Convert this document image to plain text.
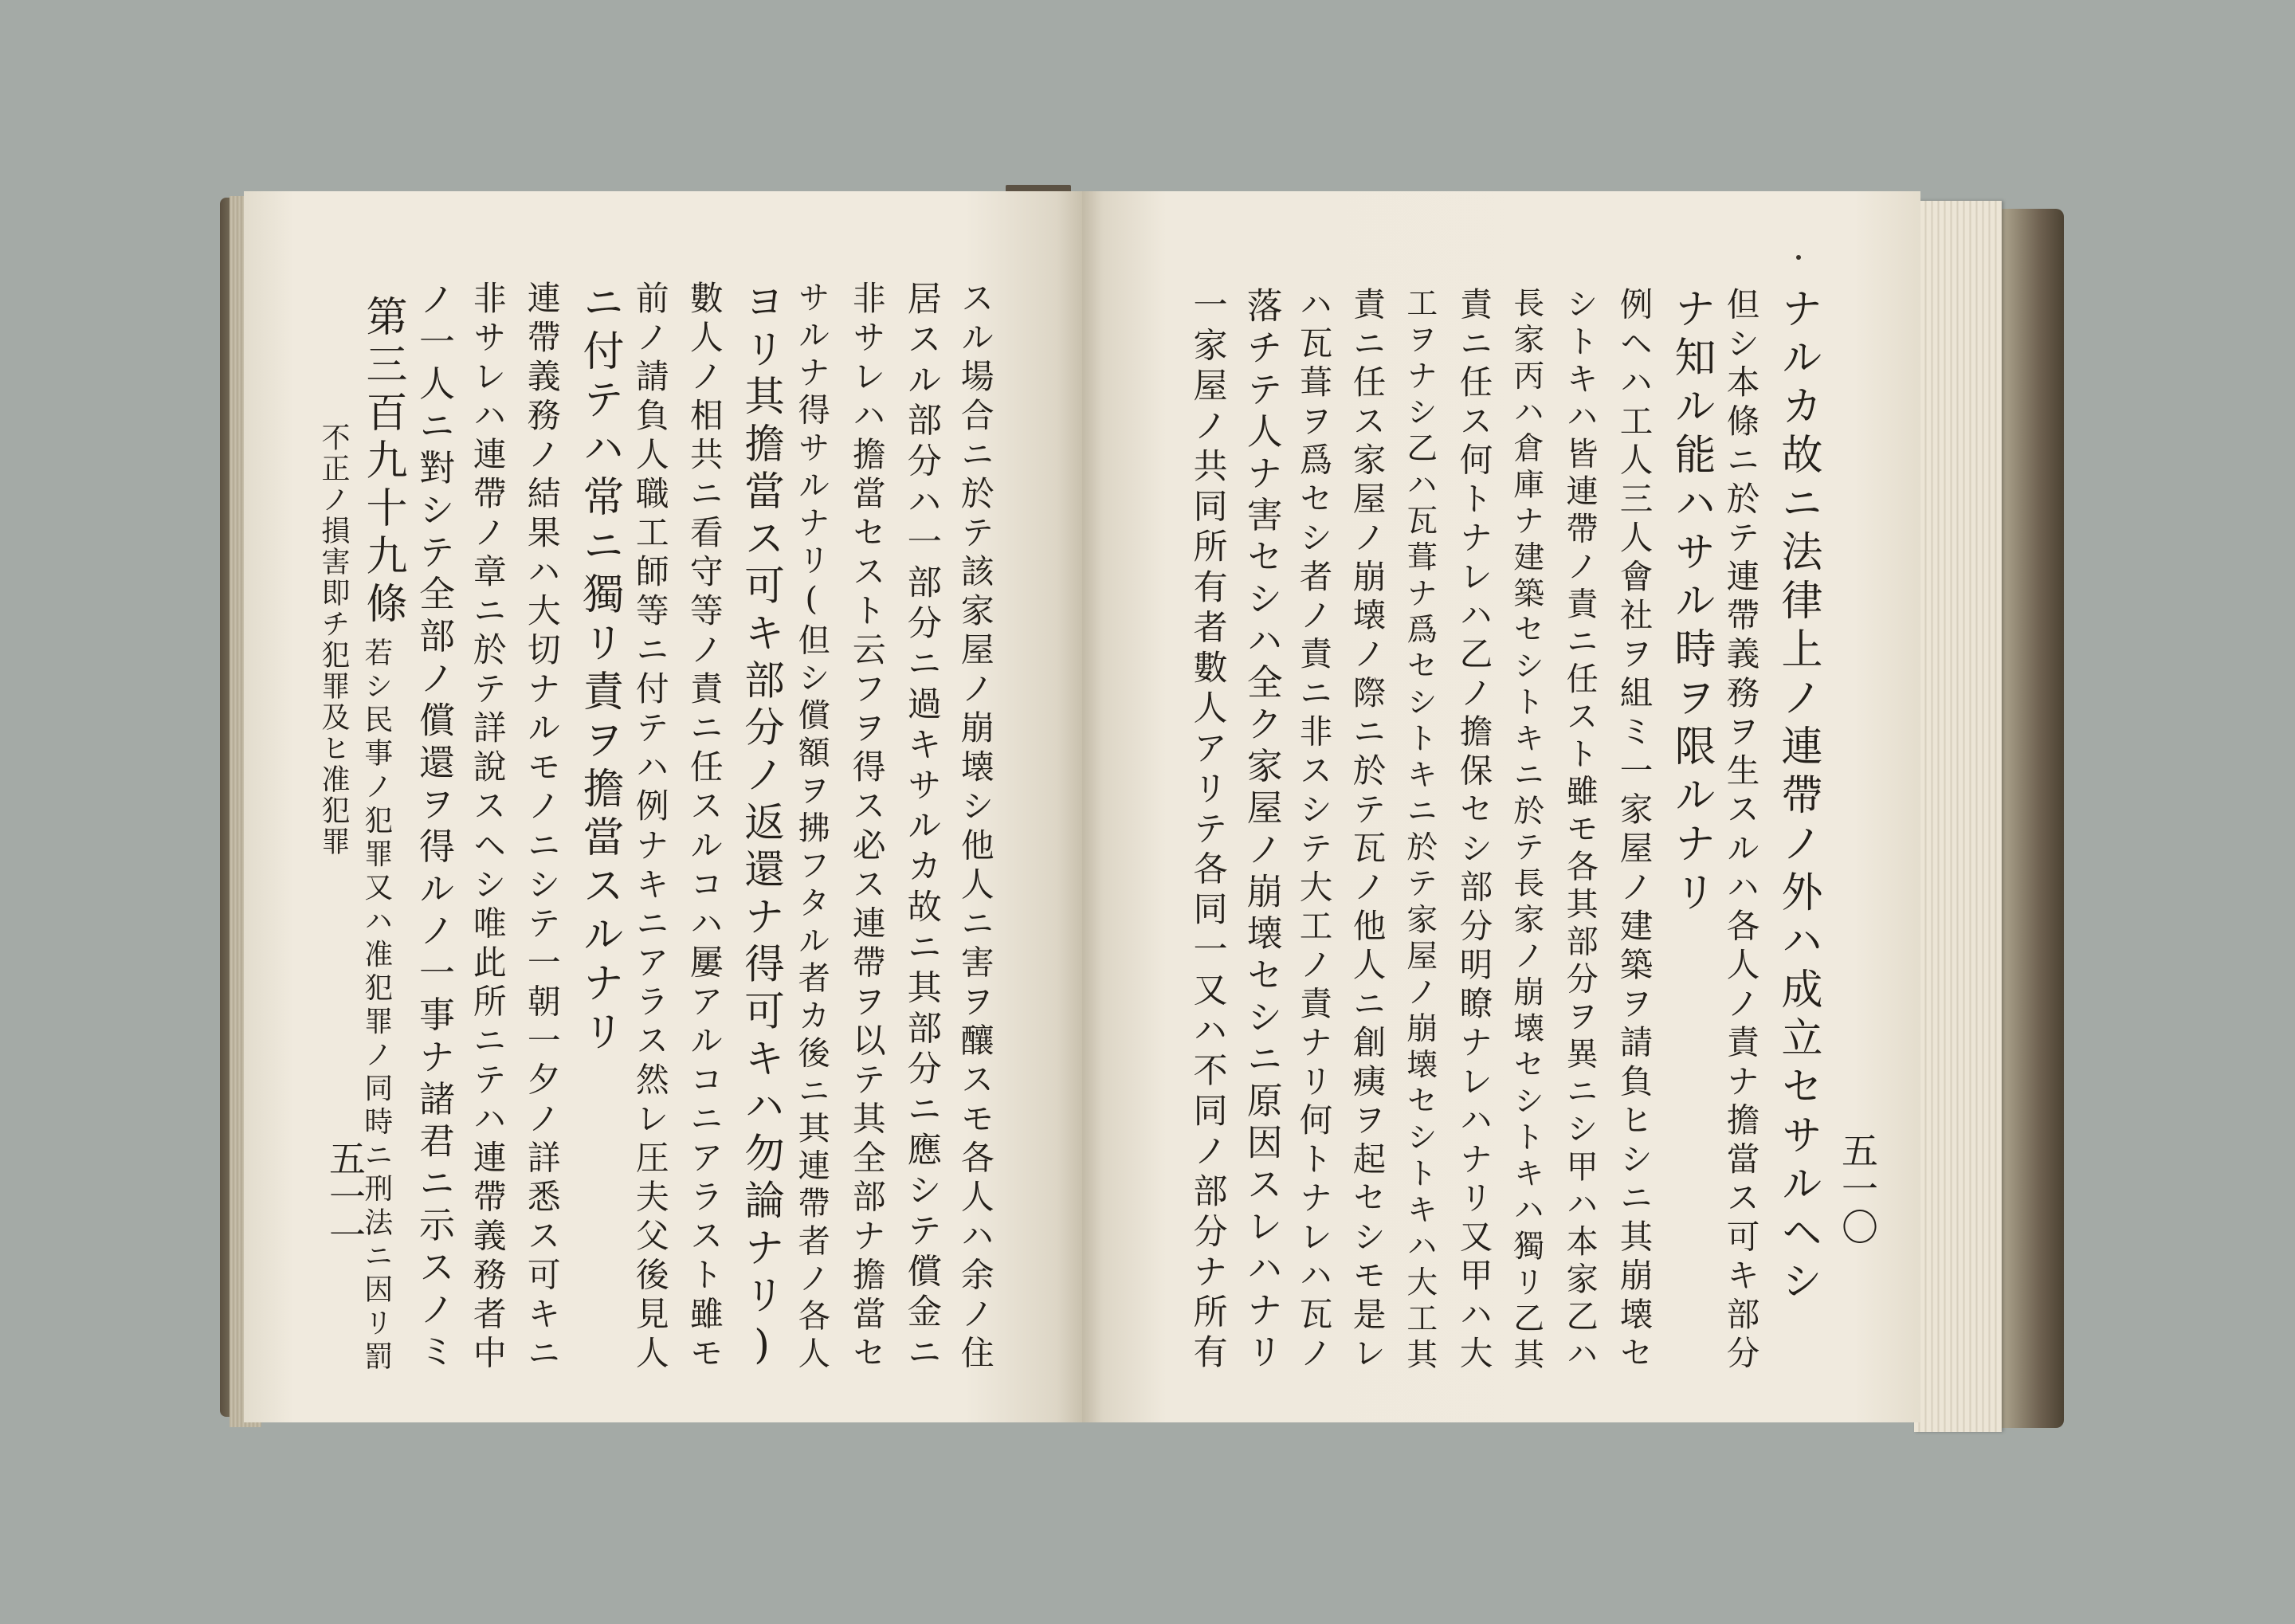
スル場合ニ於テ該家屋ノ崩壊シ他人ニ害ヲ釀スモ各人ハ余ノ住
居スル部分ハ一部分ニ過キサルカ故ニ其部分ニ應シテ償金ニ
非サレハ擔當セスト云フヲ得ス必ス連帶ヲ以テ其全部ナ擔當セ
サルナ得サルナリ(但シ償額ヲ拂フタル者カ後ニ其連帶者ノ各人
ヨリ其擔當ス可キ部分ノ返還ナ得可キハ勿論ナリ)
數人ノ相共ニ看守等ノ責ニ任スルコハ屢アルコニアラスト雖モ
前ノ請負人職工師等ニ付テハ例ナキニアラス然レ圧夫父後見人
ニ付テハ常ニ獨リ責ヲ擔當スルナリ
連帶義務ノ結果ハ大切ナルモノニシテ一朝一夕ノ詳悉ス可キニ
非サレハ連帶ノ章ニ於テ詳說スヘシ唯此所ニテハ連帶義務者中
ノ一人ニ對シテ全部ノ償還ヲ得ルノ一事ナ諸君ニ示スノミ
第三百九十九條
若シ民事ノ犯罪又ハ准犯罪ノ同時ニ刑法ニ因リ罰
不正ノ損害即チ犯罪及ヒ准犯罪
五一一	ナルカ故ニ法律上ノ連帶ノ外ハ成立セサルヘシ
但シ本條ニ於テ連帶義務ヲ生スルハ各人ノ責ナ擔當ス可キ部分
ナ知ル能ハサル時ヲ限ルナリ
例ヘハ工人三人會社ヲ組ミ一家屋ノ建築ヲ請負ヒシニ其崩壊セ
シトキハ皆連帶ノ責ニ任スト雖モ各其部分ヲ異ニシ甲ハ本家乙ハ
長家丙ハ倉庫ナ建築セシトキニ於テ長家ノ崩壊セシトキハ獨リ乙其
責ニ任ス何トナレハ乙ノ擔保セシ部分明瞭ナレハナリ又甲ハ大
工ヲナシ乙ハ瓦葺ナ爲セシトキニ於テ家屋ノ崩壊セシトキハ大工其
責ニ任ス家屋ノ崩壊ノ際ニ於テ瓦ノ他人ニ創痍ヲ起セシモ是レ
ハ瓦葺ヲ爲セシ者ノ責ニ非スシテ大工ノ責ナリ何トナレハ瓦ノ
落チテ人ナ害セシハ全ク家屋ノ崩壊セシニ原因スレハナリ
一家屋ノ共同所有者數人アリテ各同一又ハ不同ノ部分ナ所有	五一〇
